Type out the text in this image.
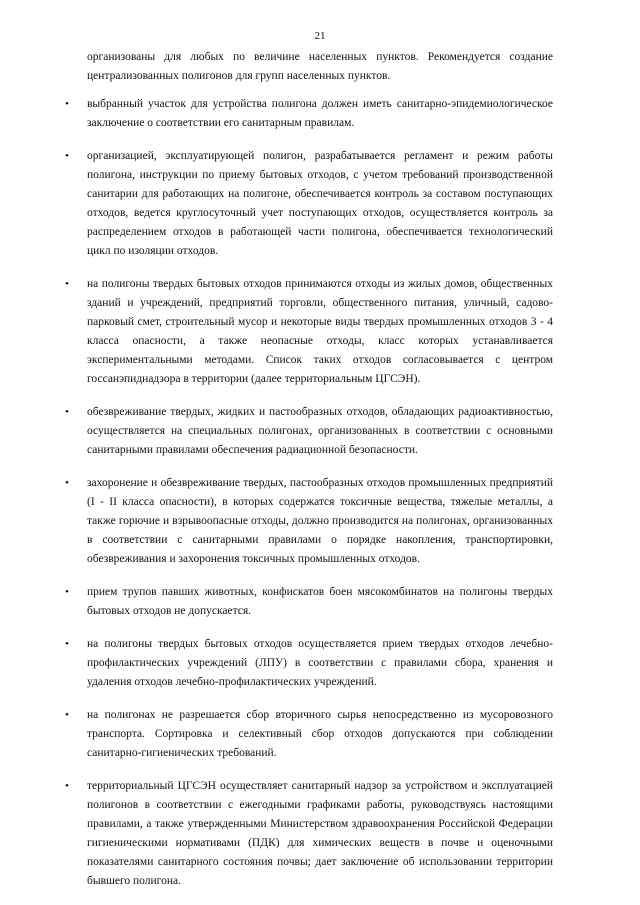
21

организованы для любых по величине населенных пунктов. Рекомендуется создание централизованных полигонов для групп населенных пунктов.

• выбранный участок для устройства полигона должен иметь санитарно-эпидемиологическое заключение о соответствии его санитарным правилам.
• организацией, эксплуатирующей полигон, разрабатывается регламент и режим работы полигона, инструкции по приему бытовых отходов, с учетом требований производственной санитарии для работающих на полигоне, обеспечивается контроль за составом поступающих отходов, ведется круглосуточный учет поступающих отходов, осуществляется контроль за распределением отходов в работающей части полигона, обеспечивается технологический цикл по изоляции отходов.
• на полигоны твердых бытовых отходов принимаются отходы из жилых домов, общественных зданий и учреждений, предприятий торговли, общественного питания, уличный, садово-парковый смет, строительный мусор и некоторые виды твердых промышленных отходов 3 - 4 класса опасности, а также неопасные отходы, класс которых устанавливается экспериментальными методами. Список таких отходов согласовывается с центром госсанэпиднадзора в территории (далее территориальным ЦГСЭН).
• обезвреживание твердых, жидких и пастообразных отходов, обладающих радиоактивностью, осуществляется на специальных полигонах, организованных в соответствии с основными санитарными правилами обеспечения радиационной безопасности.
• захоронение и обезвреживание твердых, пастообразных отходов промышленных предприятий (I - II класса опасности), в которых содержатся токсичные вещества, тяжелые металлы, а также горючие и взрывоопасные отходы, должно производится на полигонах, организованных в соответствии с санитарными правилами о порядке накопления, транспортировки, обезвреживания и захоронения токсичных промышленных отходов.
• прием трупов павших животных, конфискатов боен мясокомбинатов на полигоны твердых бытовых отходов не допускается.
• на полигоны твердых бытовых отходов осуществляется прием твердых отходов лечебно-профилактических учреждений (ЛПУ) в соответствии с правилами сбора, хранения и удаления отходов лечебно-профилактических учреждений.
• на полигонах не разрешается сбор вторичного сырья непосредственно из мусоровозного транспорта. Сортировка и селективный сбор отходов допускаются при соблюдении санитарно-гигиенических требований.
• территориальный ЦГСЭН осуществляет санитарный надзор за устройством и эксплуатацией полигонов в соответствии с ежегодными графиками работы, руководствуясь настоящими правилами, а также утвержденными Министерством здравоохранения Российской Федерации гигиеническими нормативами (ПДК) для химических веществ в почве и оценочными показателями санитарного состояния почвы; дает заключение об использовании территории бывшего полигона.
